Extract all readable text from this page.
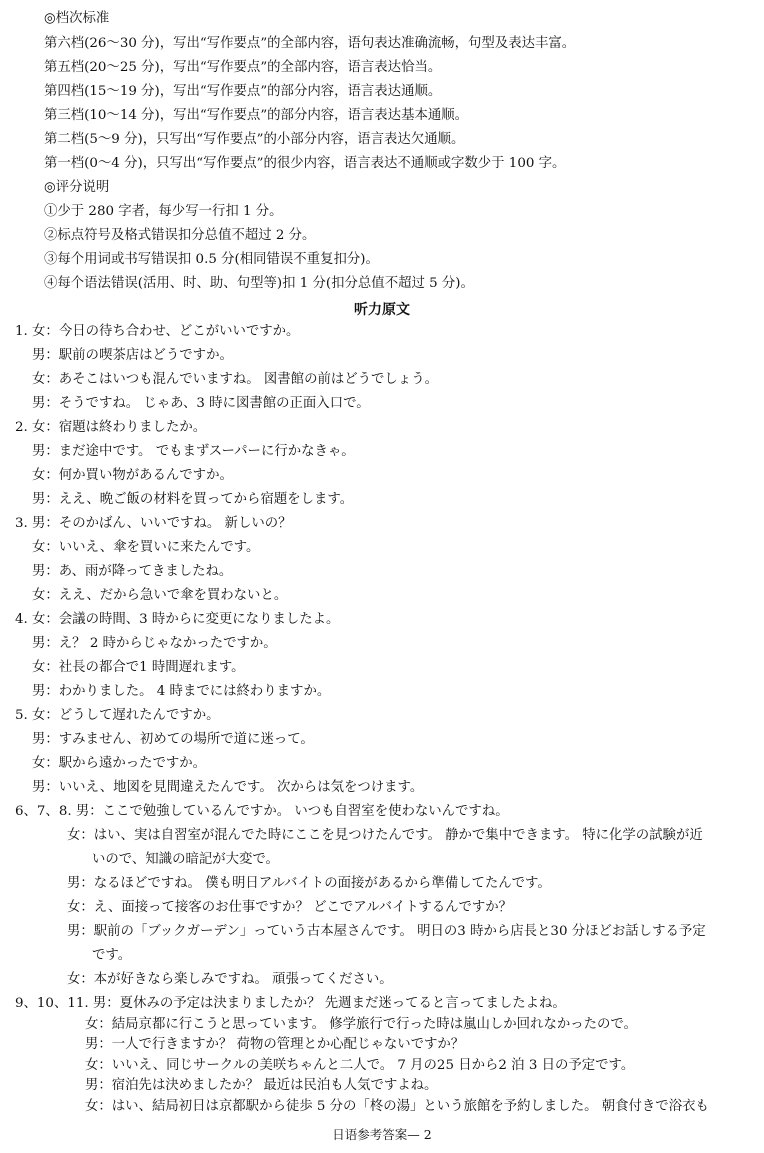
◎档次标准
第六档(26～30 分)，写出“写作要点”的全部内容，语句表达准确流畅，句型及表达丰富。
第五档(20～25 分)，写出“写作要点”的全部内容，语言表达恰当。
第四档(15～19 分)，写出“写作要点”的部分内容，语言表达通顺。
第三档(10～14 分)，写出“写作要点”的部分内容，语言表达基本通顺。
第二档(5～9 分)，只写出“写作要点”的小部分内容，语言表达欠通顺。
第一档(0～4 分)，只写出“写作要点”的很少内容，语言表达不通顺或字数少于 100 字。
◎评分说明
①少于 280 字者，每少写一行扣 1 分。
②标点符号及格式错误扣分总值不超过 2 分。
③每个用词或书写错误扣 0.5 分(相同错误不重复扣分)。
④每个语法错误(活用、时、助、句型等)扣 1 分(扣分总值不超过 5 分)。
听力原文
1. 女：今日の待ち合わせ、どこがいいですか。
男：駅前の喫茶店はどうですか。
女：あそこはいつも混んでいますね。 図書館の前はどうでしょう。
男：そうですね。 じゃあ、3 時に図書館の正面入口で。
2. 女：宿題は終わりましたか。
男：まだ途中です。 でもまずスーパーに行かなきゃ。
女：何か買い物があるんですか。
男：ええ、晩ご飯の材料を買ってから宿題をします。
3. 男：そのかばん、いいですね。 新しいの？
女：いいえ、傘を買いに来たんです。
男：あ、雨が降ってきましたね。
女：ええ、だから急いで傘を買わないと。
4. 女：会議の時間、3 時からに変更になりましたよ。
男：え？ 2 時からじゃなかったですか。
女：社長の都合で1 時間遅れます。
男：わかりました。 4 時までには終わりますか。
5. 女：どうして遅れたんですか。
男：すみません、初めての場所で道に迷って。
女：駅から遠かったですか。
男：いいえ、地図を見間違えたんです。 次からは気をつけます。
6、7、8. 男：ここで勉強しているんですか。 いつも自習室を使わないんですね。
女：はい、実は自習室が混んでた時にここを見つけたんです。 静かで集中できます。 特に化学の試験が近
いので、知識の暗記が大変で。
男：なるほどですね。 僕も明日アルバイトの面接があるから準備してたんです。
女：え、面接って接客のお仕事ですか？ どこでアルバイトするんですか？
男：駅前の「ブックガーデン」っていう古本屋さんです。 明日の3 時から店長と30 分ほどお話しする予定
です。
女：本が好きなら楽しみですね。 頑張ってください。
9、10、11. 男：夏休みの予定は決まりましたか？ 先週まだ迷ってると言ってましたよね。
女：結局京都に行こうと思っています。 修学旅行で行った時は嵐山しか回れなかったので。
男：一人で行きますか？ 荷物の管理とか心配じゃないですか？
女：いいえ、同じサークルの美咲ちゃんと二人で。 7 月の25 日から2 泊 3 日の予定です。
男：宿泊先は決めましたか？ 最近は民泊も人気ですよね。
日语参考答案— 2
女：はい、結局初日は京都駅から徒歩 5 分の「柊の湯」という旅館を予約しました。 朝食付きで浴衣も
